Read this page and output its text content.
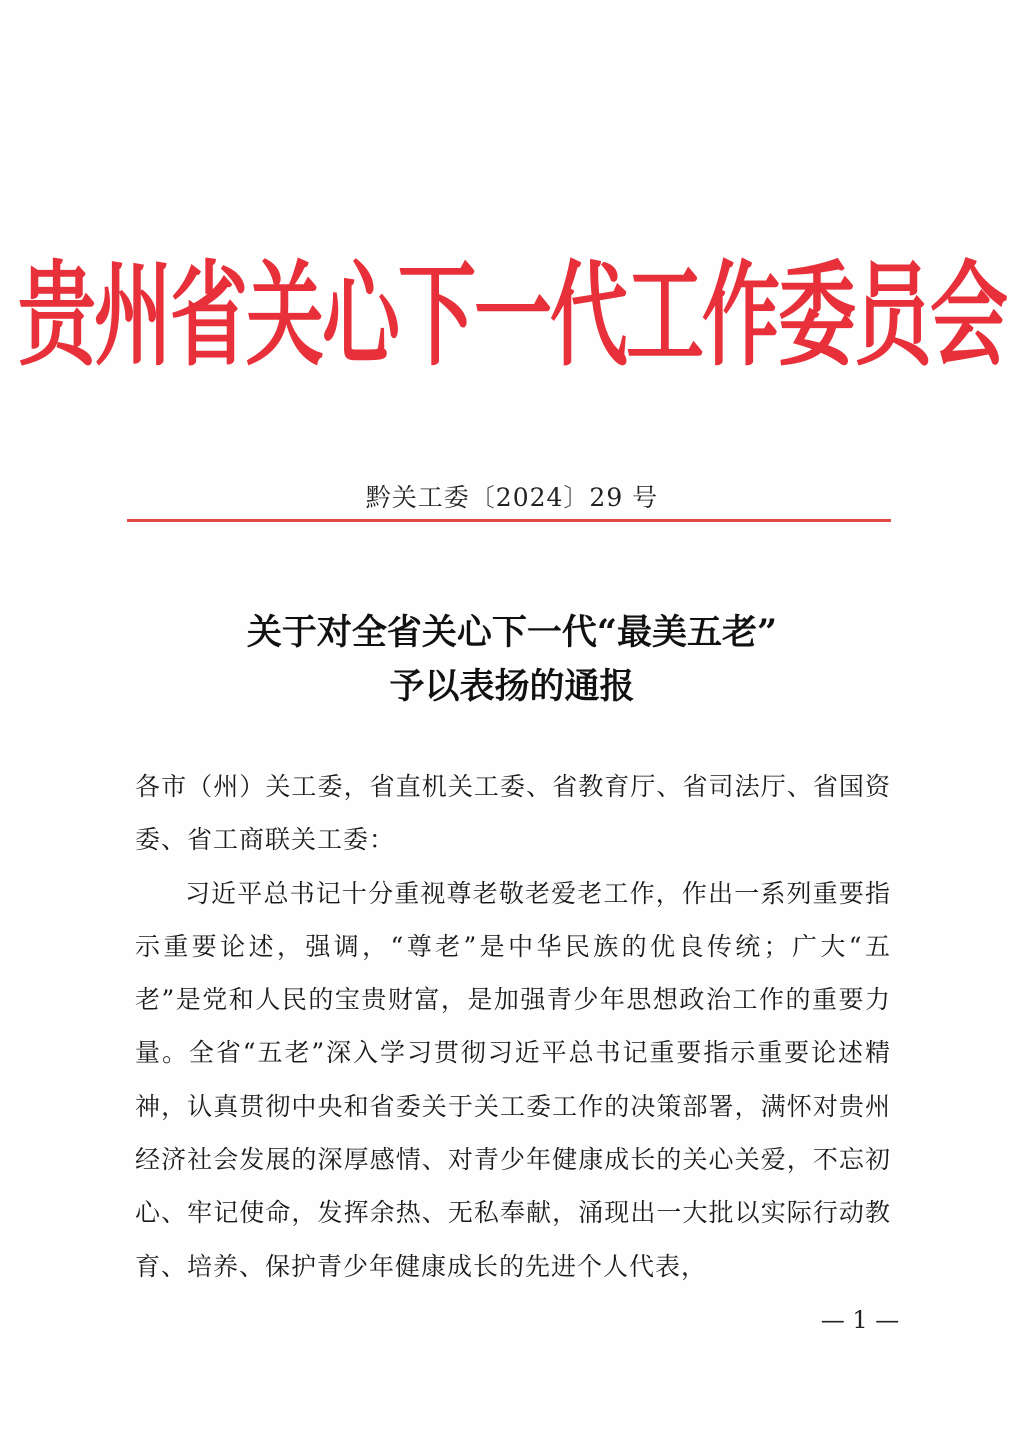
贵州省关心下一代工作委员会
黔关工委〔2024〕29 号
关于对全省关心下一代“最美五老”
予以表扬的通报

各市（州）关工委，省直机关工委、省教育厅、省司法厅、省国资委、省工商联关工委：

习近平总书记十分重视尊老敬老爱老工作，作出一系列重要指示重要论述，强调，“尊老”是中华民族的优良传统；广大“五老”是党和人民的宝贵财富，是加强青少年思想政治工作的重要力量。全省“五老”深入学习贯彻习近平总书记重要指示重要论述精神，认真贯彻中央和省委关于关工委工作的决策部署，满怀对贵州经济社会发展的深厚感情、对青少年健康成长的关心关爱，不忘初心、牢记使命，发挥余热、无私奉献，涌现出一大批以实际行动教育、培养、保护青少年健康成长的先进个人代表，

— 1 —
